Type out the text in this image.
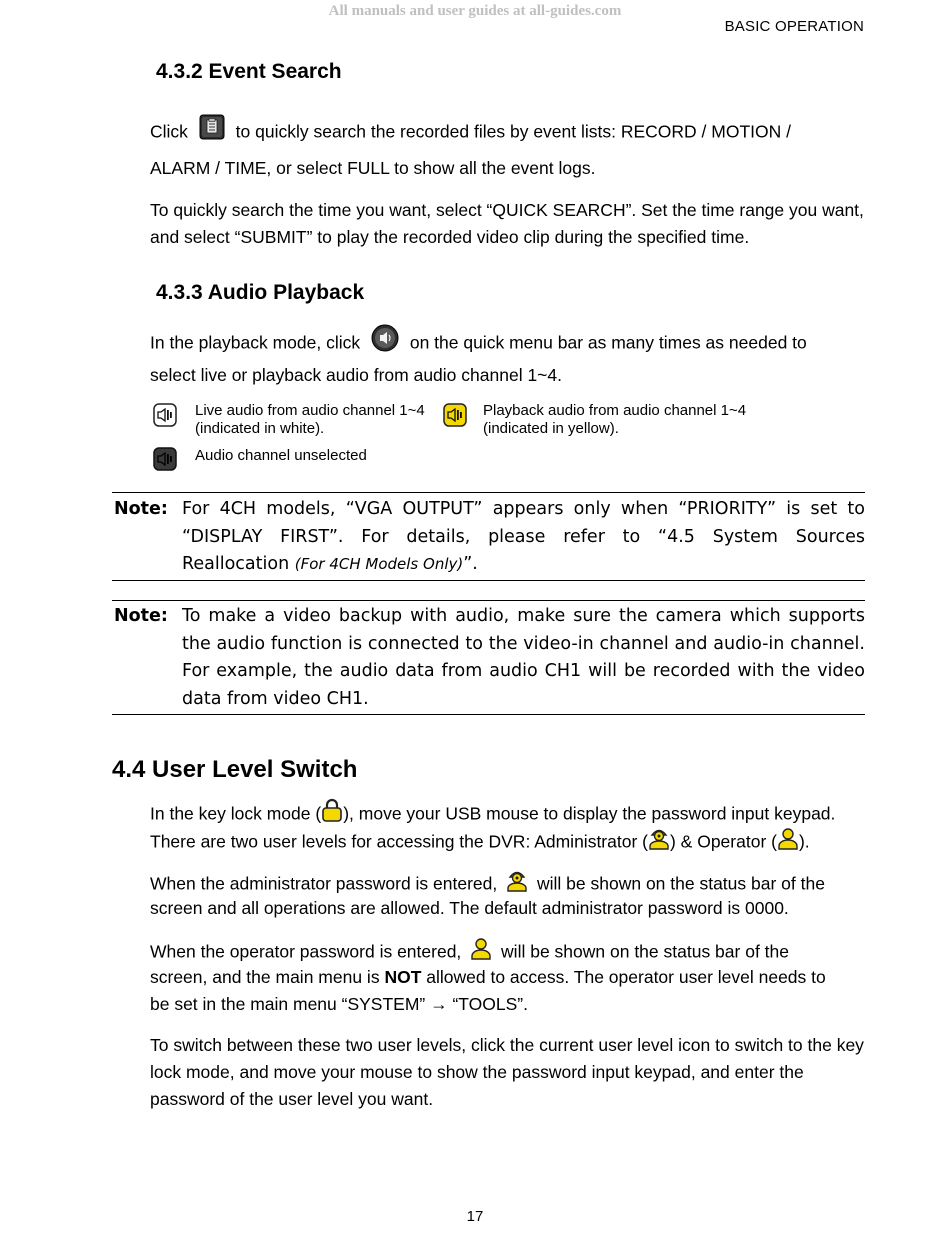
All manuals and user guides at all-guides.com
BASIC OPERATION
4.3.2 Event Search
Click	to quickly search the recorded files by event lists: RECORD / MOTION /
ALARM / TIME, or select FULL to show all the event logs.
To quickly search the time you want, select “QUICK SEARCH”. Set the time range you want, and select “SUBMIT” to play the recorded video clip during the specified time.
4.3.3 Audio Playback
In the playback mode, click	on the quick menu bar as many times as needed to
select live or playback audio from audio channel 1~4.
Live audio from audio channel 1~4
(indicated in white).
Playback audio from audio channel 1~4
(indicated in yellow).
Audio channel unselected
Note: For 4CH models, “VGA OUTPUT” appears only when “PRIORITY” is set to “DISPLAY FIRST”. For details, please refer to “4.5 System Sources Reallocation (For 4CH Models Only)”.
Note: To make a video backup with audio, make sure the camera which supports the audio function is connected to the video-in channel and audio-in channel. For example, the audio data from audio CH1 will be recorded with the video data from video CH1.
4.4 User Level Switch
In the key lock mode ( ), move your USB mouse to display the password input keypad.
There are two user levels for accessing the DVR: Administrator ( ) & Operator ( ).
When the administrator password is entered, will be shown on the status bar of the
screen and all operations are allowed. The default administrator password is 0000.
When the operator password is entered, will be shown on the status bar of the
screen, and the main menu is NOT allowed to access. The operator user level needs to
be set in the main menu “SYSTEM” → “TOOLS”.
To switch between these two user levels, click the current user level icon to switch to the key lock mode, and move your mouse to show the password input keypad, and enter the password of the user level you want.
17
